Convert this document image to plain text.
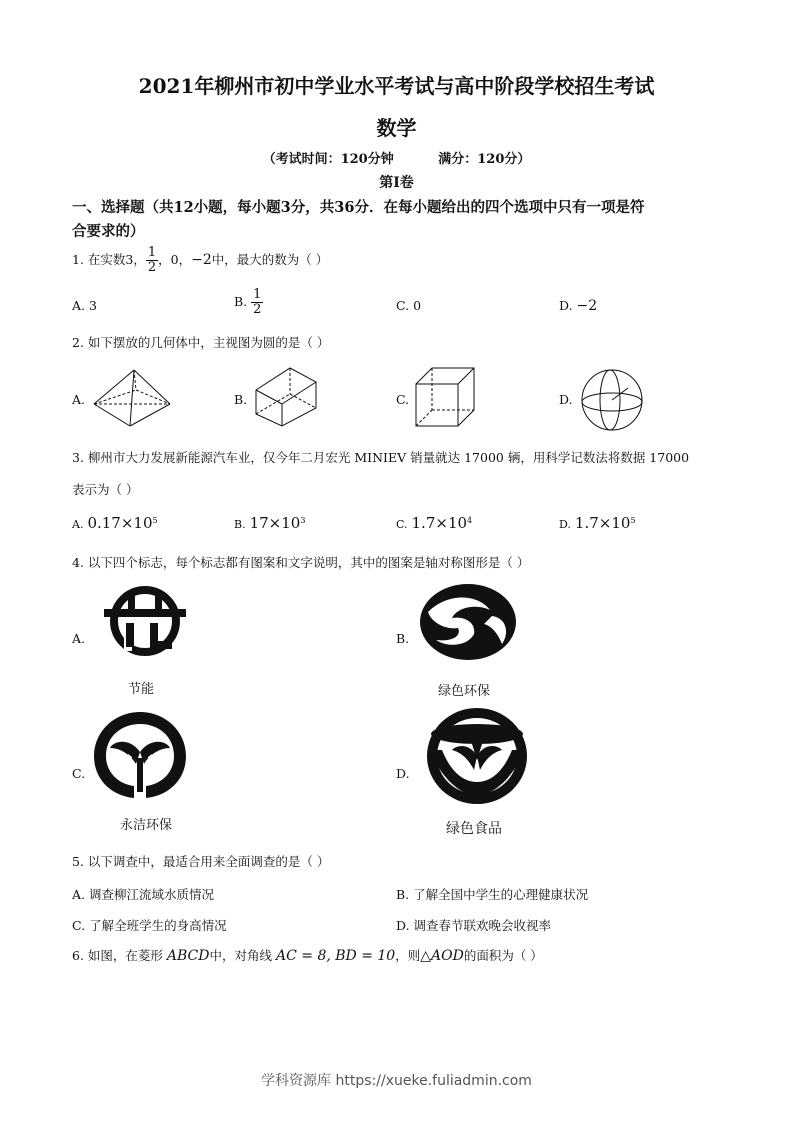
2021年柳州市初中学业水平考试与高中阶段学校招生考试
数学
（考试时间：120分钟	满分：120分）
第Ⅰ卷
一、选择题（共12小题，每小题3分，共36分．在每小题给出的四个选项中只有一项是符
合要求的）
1. 在实数3， $\frac{1}{2}$ ，0，−2中，最大的数为（ ）
A. 3	B. $\frac{1}{2}$	C. 0	D. −2
2. 如下摆放的几何体中，主视图为圆的是（ ）
A.	B.	C.	D.
3. 柳州市大力发展新能源汽车业，仅今年二月宏光 MINIEV 销量就达 17000 辆，用科学记数法将数据 17000
表示为（ ）
A. $0.17\times 10^5$	B. $17\times 10^3$	C. $1.7\times 10^4$	D. $1.7\times 10^5$
4. 以下四个标志，每个标志都有图案和文字说明，其中的图案是轴对称图形是（ ）
A.
节能
B.
绿色环保
C.
永洁环保
D.
绿色食品
5. 以下调查中，最适合用来全面调查的是（ ）
A. 调查柳江流域水质情况	B. 了解全国中学生的心理健康状况
C. 了解全班学生的身高情况	D. 调查春节联欢晚会收视率
6. 如图，在菱形 ABCD中，对角线 AC = 8, BD = 10，则△AOD的面积为（ ）
学科资源库 https://xueke.fuliadmin.com
